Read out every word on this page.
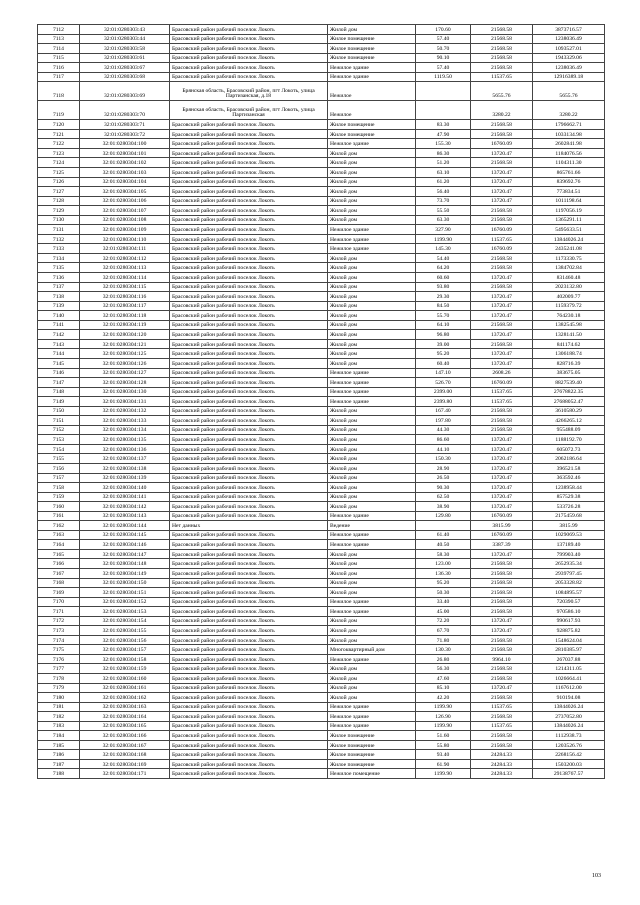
7112	32:01:0280303:43	Брасовский район рабочий поселок Локоть	Жилой дом	170.60	21568.58	3873716.57
7113	32:01:0280303:44	Брасовский район рабочий поселок Локоть	Жилое помещение	57.40	21568.58	1238036.49
7114	32:01:0280303:58	Брасовский район рабочий поселок Локоть	Жилое помещение	50.70	21568.58	1093527.01
7115	32:01:0280303:61	Брасовский район рабочий поселок Локоть	Жилое помещение	90.10	21568.58	1943329.06
7116	32:01:0280303:67	Брасовский район рабочий поселок Локоть	Нежилое здание	57.40	21568.58	1238036.49
7117	32:01:0280303:68	Брасовский район рабочий поселок Локоть	Нежилое здание	1119.50	11537.65	12916389.18
7118	32:01:0280303:69	Брянская область, Брасовский район, пгт Локоть, улица Партизанская, д.18	Нежилое		5655.76	5655.76
7119	32:01:0280303:70	Брянская область, Брасовский район, пгт Локоть, улица Партизанская	Нежилое		3280.22	3280.22
7120	32:01:0280303:71	Брасовский район рабочий поселок Локоть	Жилое помещение	83.30	21568.58	1796662.71
7121	32:01:0280303:72	Брасовский район рабочий поселок Локоть	Жилое помещение	47.90	21568.58	1033134.98
7122	32:01:0280304:100	Брасовский район рабочий поселок Локоть	Нежилое здание	155.30	16760.09	2602841.98
7123	32:01:0280304:101	Брасовский район рабочий поселок Локоть	Жилой дом	86.30	13720.47	1184076.56
7124	32:01:0280304:102	Брасовский район рабочий поселок Локоть	Жилой дом	51.20	21568.58	1104311.30
7125	32:01:0280304:103	Брасовский район рабочий поселок Локоть	Жилой дом	63.10	13720.47	865761.66
7126	32:01:0280304:104	Брасовский район рабочий поселок Локоть	Жилой дом	61.20	13720.47	839692.76
7127	32:01:0280304:105	Брасовский район рабочий поселок Локоть	Жилой дом	56.40	13720.47	773834.51
7128	32:01:0280304:106	Брасовский район рабочий поселок Локоть	Жилой дом	73.70	13720.47	1011198.64
7129	32:01:0280304:107	Брасовский район рабочий поселок Локоть	Жилой дом	55.50	21568.58	1197056.19
7130	32:01:0280304:108	Брасовский район рабочий поселок Локоть	Жилой дом	63.30	21568.58	1365291.11
7131	32:01:0280304:109	Брасовский район рабочий поселок Локоть	Нежилое здание	327.90	16760.09	5495633.51
7132	32:01:0280304:110	Брасовский район рабочий поселок Локоть	Нежилое здание	1199.90	11537.65	13844026.24
7133	32:01:0280304:111	Брасовский район рабочий поселок Локоть	Нежилое здание	145.30	16760.09	2435241.08
7134	32:01:0280304:112	Брасовский район рабочий поселок Локоть	Жилой дом	54.40	21568.58	1173330.75
7135	32:01:0280304:113	Брасовский район рабочий поселок Локоть	Жилой дом	64.20	21568.58	1384702.84
7136	32:01:0280304:114	Брасовский район рабочий поселок Локоть	Жилой дом	60.60	13720.47	831460.48
7137	32:01:0280304:115	Брасовский район рабочий поселок Локоть	Жилой дом	93.80	21568.58	2023132.80
7138	32:01:0280304:116	Брасовский район рабочий поселок Локоть	Жилой дом	29.30	13720.47	402009.77
7139	32:01:0280304:117	Брасовский район рабочий поселок Локоть	Жилой дом	84.50	13720.47	1159379.72
7140	32:01:0280304:118	Брасовский район рабочий поселок Локоть	Жилой дом	55.70	13720.47	764230.18
7141	32:01:0280304:119	Брасовский район рабочий поселок Локоть	Жилой дом	64.10	21568.58	1382545.98
7142	32:01:0280304:120	Брасовский район рабочий поселок Локоть	Жилой дом	96.80	13720.47	1328141.50
7143	32:01:0280304:121	Брасовский район рабочий поселок Локоть	Жилой дом	39.00	21568.58	841174.62
7144	32:01:0280304:125	Брасовский район рабочий поселок Локоть	Жилой дом	95.20	13720.47	1306188.74
7145	32:01:0280304:126	Брасовский район рабочий поселок Локоть	Жилой дом	60.40	13720.47	828716.39
7146	32:01:0280304:127	Брасовский район рабочий поселок Локоть	Нежилое здание	147.10	2608.26	383675.05
7147	32:01:0280304:128	Брасовский район рабочий поселок Локоть	Нежилое здание	526.70	16760.09	8827539.40
7148	32:01:0280304:130	Брасовский район рабочий поселок Локоть	Нежилое здание	2399.00	11537.65	27678822.35
7149	32:01:0280304:131	Брасовский район рабочий поселок Локоть	Нежилое здание	2399.80	11537.65	27688052.47
7150	32:01:0280304:132	Брасовский район рабочий поселок Локоть	Жилой дом	167.40	21568.58	3610580.29
7151	32:01:0280304:133	Брасовский район рабочий поселок Локоть	Жилой дом	197.80	21568.58	4266265.12
7152	32:01:0280304:134	Брасовский район рабочий поселок Локоть	Жилой дом	44.30	21568.58	955488.09
7153	32:01:0280304:135	Брасовский район рабочий поселок Локоть	Жилой дом	86.60	13720.47	1188192.70
7154	32:01:0280304:136	Брасовский район рабочий поселок Локоть	Жилой дом	44.10	13720.47	605072.73
7155	32:01:0280304:137	Брасовский район рабочий поселок Локоть	Жилой дом	150.30	13720.47	2062186.64
7156	32:01:0280304:138	Брасовский район рабочий поселок Локоть	Жилой дом	28.90	13720.47	396521.58
7157	32:01:0280304:139	Брасовский район рабочий поселок Локоть	Жилой дом	26.50	13720.47	363592.46
7158	32:01:0280304:140	Брасовский район рабочий поселок Локоть	Жилой дом	90.30	13720.47	1238958.44
7159	32:01:0280304:141	Брасовский район рабочий поселок Локоть	Жилой дом	62.50	13720.47	857529.38
7160	32:01:0280304:142	Брасовский район рабочий поселок Локоть	Жилой дом	38.90	13720.47	533726.28
7161	32:01:0280304:143	Брасовский район рабочий поселок Локоть	Нежилое здание	129.80	16760.09	2175459.68
7162	32:01:0280304:144	Нет данных	Ведение		3815.99	3815.99
7163	32:01:0280304:145	Брасовский район рабочий поселок Локоть	Нежилое здание	61.40	16760.09	1029069.53
7164	32:01:0280304:146	Брасовский район рабочий поселок Локоть	Нежилое здание	40.50	3387.39	137189.40
7165	32:01:0280304:147	Брасовский район рабочий поселок Локоть	Жилой дом	58.30	13720.47	799903.40
7166	32:01:0280304:148	Брасовский район рабочий поселок Локоть	Жилой дом	123.00	21568.58	2652935.34
7167	32:01:0280304:149	Брасовский район рабочий поселок Локоть	Жилой дом	136.30	21568.58	2939797.45
7168	32:01:0280304:150	Брасовский район рабочий поселок Локоть	Жилой дом	95.20	21568.58	2053328.82
7169	32:01:0280304:151	Брасовский район рабочий поселок Локоть	Жилой дом	50.30	21568.58	1084895.57
7170	32:01:0280304:152	Брасовский район рабочий поселок Локоть	Нежилое здание	33.40	21568.58	720390.57
7171	32:01:0280304:153	Брасовский район рабочий поселок Локоть	Нежилое здание	45.00	21568.58	970586.10
7172	32:01:0280304:154	Брасовский район рабочий поселок Локоть	Жилой дом	72.20	13720.47	990617.93
7173	32:01:0280304:155	Брасовский район рабочий поселок Локоть	Жилой дом	67.70	13720.47	928875.82
7174	32:01:0280304:156	Брасовский район рабочий поселок Локоть	Жилой дом	71.80	21568.58	1548624.04
7175	32:01:0280304:157	Брасовский район рабочий поселок Локоть	Многоквартирный дом	130.30	21568.58	2810385.97
7176	32:01:0280304:158	Брасовский район рабочий поселок Локоть	Нежилое здание	26.80	9964.10	267037.88
7177	32:01:0280304:159	Брасовский район рабочий поселок Локоть	Жилой дом	56.30	21568.58	1214311.05
7178	32:01:0280304:160	Брасовский район рабочий поселок Локоть	Жилой дом	47.60	21568.58	1026664.41
7179	32:01:0280304:161	Брасовский район рабочий поселок Локоть	Жилой дом	85.10	13720.47	1167612.00
7180	32:01:0280304:162	Брасовский район рабочий поселок Локоть	Жилой дом	42.20	21568.58	910194.08
7181	32:01:0280304:163	Брасовский район рабочий поселок Локоть	Нежилое здание	1199.90	11537.65	13844026.24
7182	32:01:0280304:164	Брасовский район рабочий поселок Локоть	Нежилое здание	126.90	21568.58	2737052.80
7183	32:01:0280304:165	Брасовский район рабочий поселок Локоть	Нежилое здание	1199.90	11537.65	13844026.24
7184	32:01:0280304:166	Брасовский район рабочий поселок Локоть	Жилое помещение	51.60	21568.58	1112938.73
7185	32:01:0280304:167	Брасовский район рабочий поселок Локоть	Жилое помещение	55.80	21568.58	1203526.76
7186	32:01:0280304:168	Брасовский район рабочий поселок Локоть	Жилое помещение	93.40	24284.33	2268156.42
7187	32:01:0280304:169	Брасовский район рабочий поселок Локоть	Жилое помещение	61.90	24284.33	1503200.03
7188	32:01:0280304:171	Брасовский район рабочий поселок Локоть	Нежилое помещение	1199.90	24284.33	29138767.57
103
